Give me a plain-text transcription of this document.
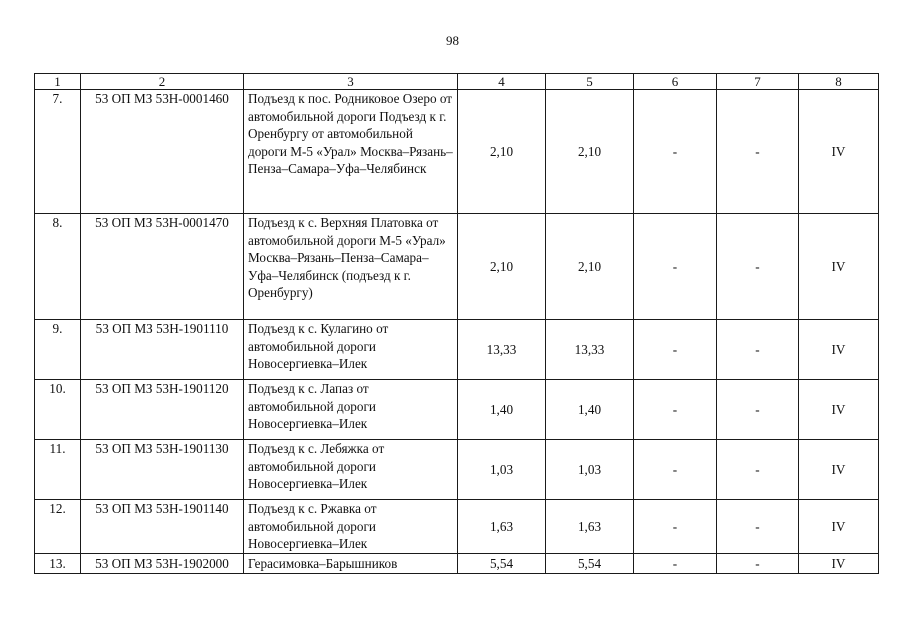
98
1	2	3	4	5	6	7	8
7.	53 ОП МЗ 53Н-0001460	Подъезд к пос. Родниковое Озеро от автомобильной дороги Подъезд к г. Оренбургу от автомобильной дороги М-5 «Урал» Москва–Рязань–Пенза–Самара–Уфа–Челябинск	2,10	2,10	-	-	IV
8.	53 ОП МЗ 53Н-0001470	Подъезд к с. Верхняя Платовка от автомобильной дороги М-5 «Урал» Москва–Рязань–Пенза–Самара–Уфа–Челябинск (подъезд к г. Оренбургу)	2,10	2,10	-	-	IV
9.	53 ОП МЗ 53Н-1901110	Подъезд к с. Кулагино от автомобильной дороги Новосергиевка–Илек	13,33	13,33	-	-	IV
10.	53 ОП МЗ 53Н-1901120	Подъезд к с. Лапаз от автомобильной дороги Новосергиевка–Илек	1,40	1,40	-	-	IV
11.	53 ОП МЗ 53Н-1901130	Подъезд к с. Лебяжка от автомобильной дороги Новосергиевка–Илек	1,03	1,03	-	-	IV
12.	53 ОП МЗ 53Н-1901140	Подъезд к с. Ржавка от автомобильной дороги Новосергиевка–Илек	1,63	1,63	-	-	IV
13.	53 ОП МЗ 53Н-1902000	Герасимовка–Барышников	5,54	5,54	-	-	IV
